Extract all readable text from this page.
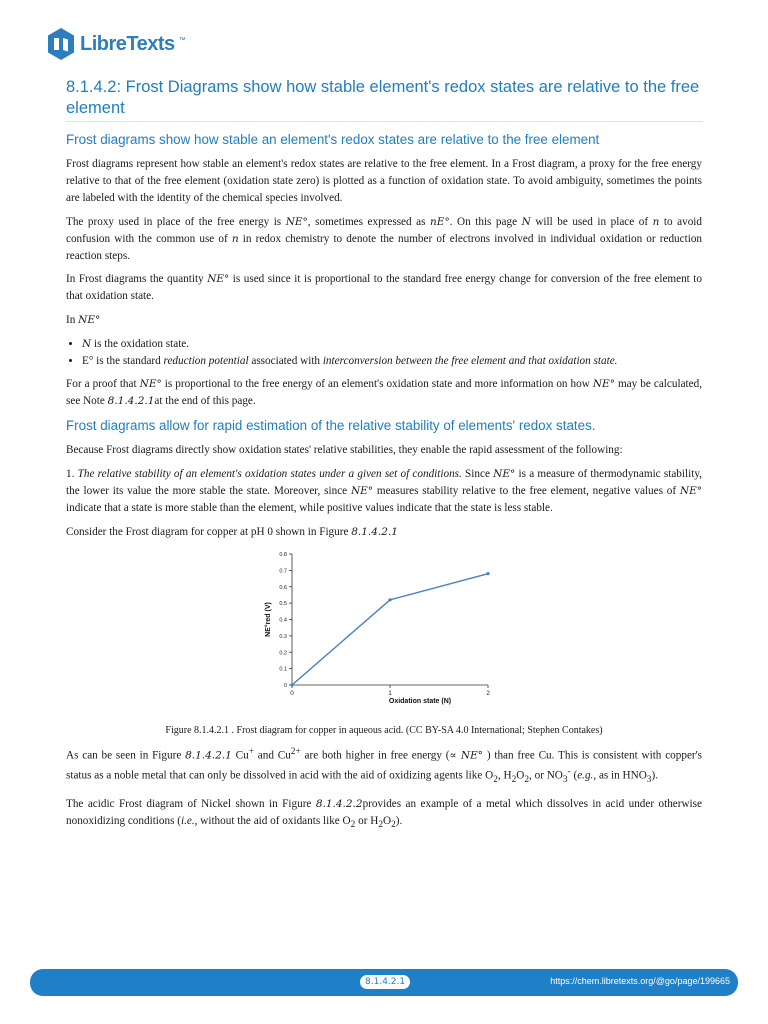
LibreTexts ™
8.1.4.2: Frost Diagrams show how stable element's redox states are relative to the free element
Frost diagrams show how stable an element's redox states are relative to the free element

Frost diagrams represent how stable an element's redox states are relative to the free element. In a Frost diagram, a proxy for the free energy relative to that of the free element (oxidation state zero) is plotted as a function of oxidation state. To avoid ambiguity, sometimes the points are labeled with the identity of the chemical species involved.

The proxy used in place of the free energy is NE°, sometimes expressed as nE°. On this page N will be used in place of n to avoid confusion with the common use of n in redox chemistry to denote the number of electrons involved in individual oxidation or reduction reaction steps.

In Frost diagrams the quantity NE° is used since it is proportional to the standard free energy change for conversion of the free element to that oxidation state.

In NE°

• N is the oxidation state.
• E° is the standard reduction potential associated with interconversion between the free element and that oxidation state.

For a proof that NE° is proportional to the free energy of an element's oxidation state and more information on how NE° may be calculated, see Note 8.1.4.2.1at the end of this page.

Frost diagrams allow for rapid estimation of the relative stability of elements' redox states.

Because Frost diagrams directly show oxidation states' relative stabilities, they enable the rapid assessment of the following:

1. The relative stability of an element's oxidation states under a given set of conditions. Since NE° is a measure of thermodynamic stability, the lower its value the more stable the state. Moreover, since NE° measures stability relative to the free element, negative values of NE° indicate that a state is more stable than the element, while positive values indicate that the state is less stable.

Consider the Frost diagram for copper at pH 0 shown in Figure 8.1.4.2.1

0
0.1
0.2
0.3
0.4
0.5
0.6
0.7
0.8
0	1	2
Oxidation state (N)
NE°red (V)

Figure 8.1.4.2.1 . Frost diagram for copper in aqueous acid. (CC BY-SA 4.0 International; Stephen Contakes)

As can be seen in Figure 8.1.4.2.1 Cu+ and $Cu^{2+}$ are both higher in free energy (∝ NE° ) than free Cu. This is consistent with copper's status as a noble metal that can only be dissolved in acid with the aid of oxidizing agents like $O_2$, $H_2O_2$, or $NO_3^-$ (e.g., as in $HNO_3$).

The acidic Frost diagram of Nickel shown in Figure 8.1.4.2.2provides an example of a metal which dissolves in acid under otherwise nonoxidizing conditions (i.e., without the aid of oxidants like $O_2$ or $H_2O_2$).

8.1.4.2.1	https://chem.libretexts.org/@go/page/199665
